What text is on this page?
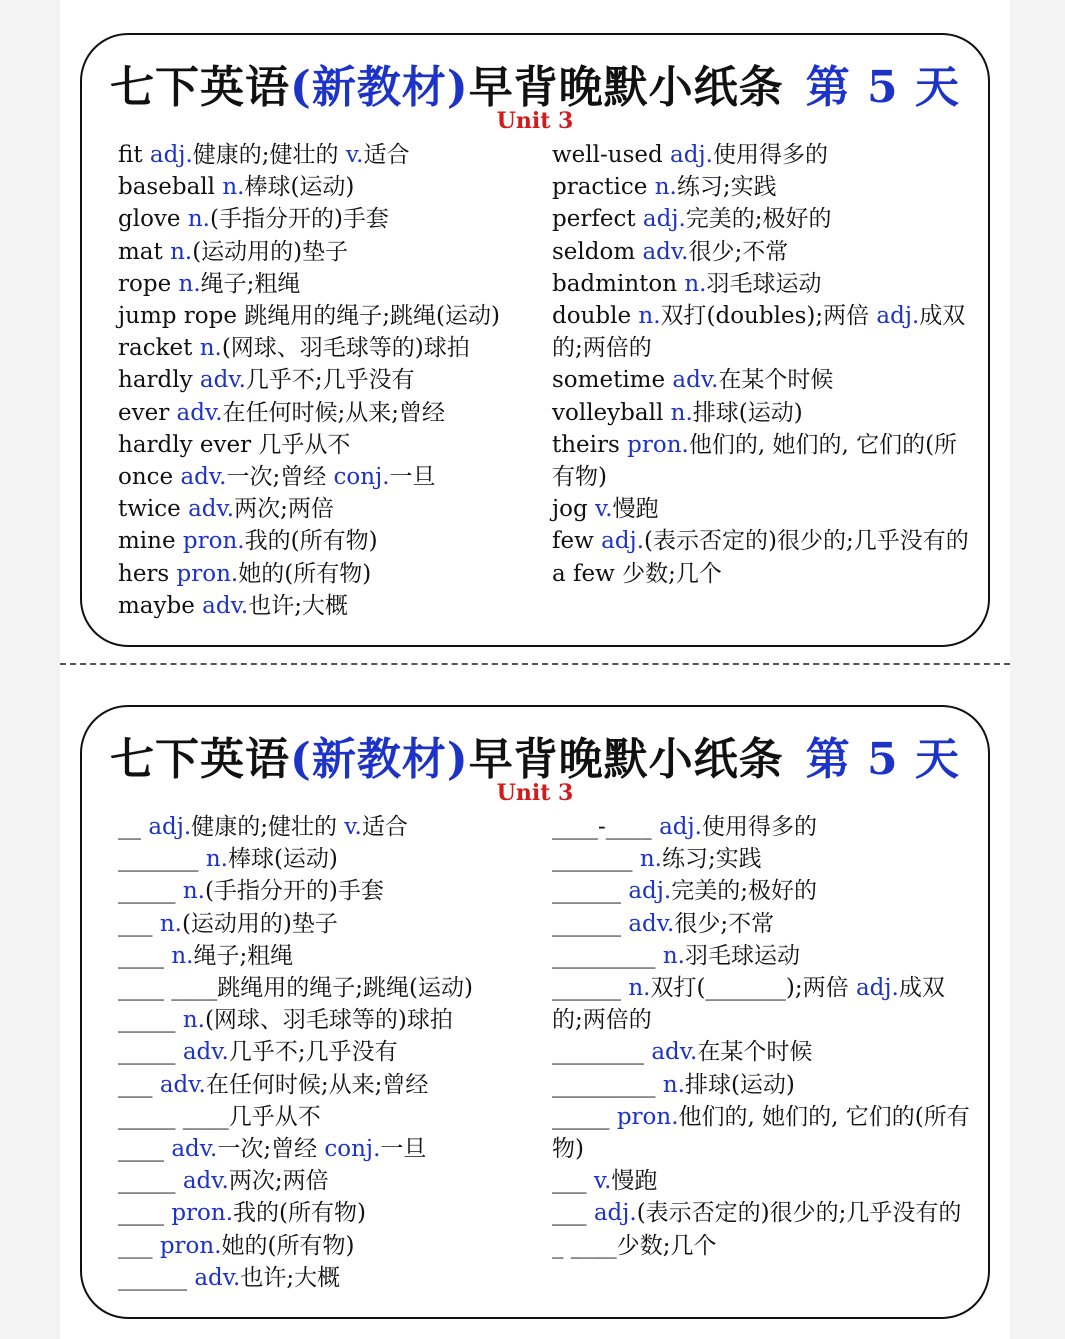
七下英语(新教材)早背晚默小纸条 第 5 天
Unit 3
fit adj.健康的;健壮的 v.适合
baseball n.棒球(运动)
glove n.(手指分开的)手套
mat n.(运动用的)垫子
rope n.绳子;粗绳
jump rope 跳绳用的绳子;跳绳(运动)
racket n.(网球、羽毛球等的)球拍
hardly adv.几乎不;几乎没有
ever adv.在任何时候;从来;曾经
hardly ever 几乎从不
once adv.一次;曾经 conj.一旦
twice adv.两次;两倍
mine pron.我的(所有物)
hers pron.她的(所有物)
maybe adv.也许;大概
well-used adj.使用得多的
practice n.练习;实践
perfect adj.完美的;极好的
seldom adv.很少;不常
badminton n.羽毛球运动
double n.双打(doubles);两倍 adj.成双的;两倍的
sometime adv.在某个时候
volleyball n.排球(运动)
theirs pron.他们的, 她们的, 它们的(所有物)
jog v.慢跑
few adj.(表示否定的)很少的;几乎没有的
a few 少数;几个
七下英语(新教材)早背晚默小纸条 第 5 天
Unit 3
__ adj.健康的;健壮的 v.适合
_______ n.棒球(运动)
_____ n.(手指分开的)手套
___ n.(运动用的)垫子
____ n.绳子;粗绳
____ ____跳绳用的绳子;跳绳(运动)
_____ n.(网球、羽毛球等的)球拍
_____ adv.几乎不;几乎没有
___ adv.在任何时候;从来;曾经
_____ ____几乎从不
____ adv.一次;曾经 conj.一旦
_____ adv.两次;两倍
____ pron.我的(所有物)
___ pron.她的(所有物)
______ adv.也许;大概
____-____ adj.使用得多的
_______ n.练习;实践
______ adj.完美的;极好的
______ adv.很少;不常
_________ n.羽毛球运动
______ n.双打(_______);两倍 adj.成双的;两倍的
________ adv.在某个时候
_________ n.排球(运动)
_____ pron.他们的, 她们的, 它们的(所有物)
___ v.慢跑
___ adj.(表示否定的)很少的;几乎没有的
_ ____少数;几个
